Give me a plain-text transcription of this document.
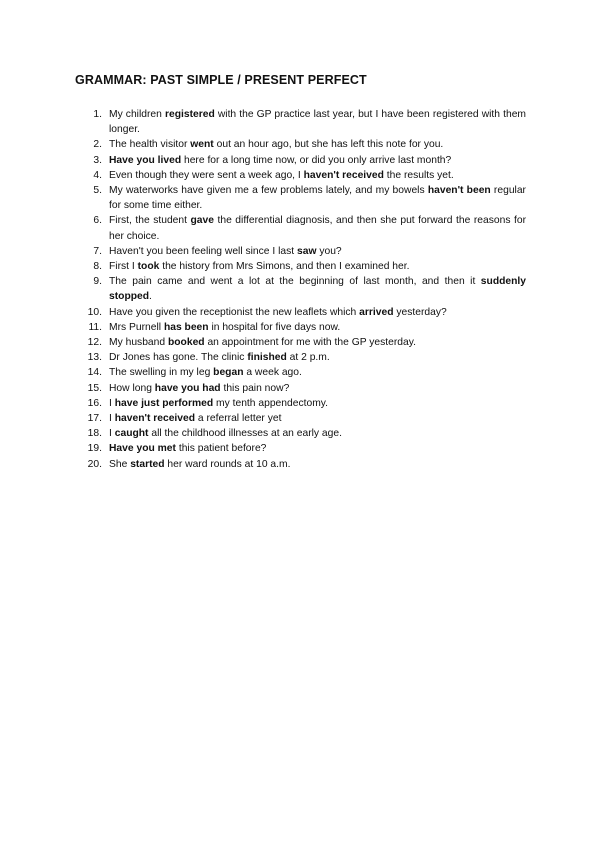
GRAMMAR: PAST SIMPLE / PRESENT PERFECT
1. My children registered with the GP practice last year, but I have been registered with them longer.
2. The health visitor went out an hour ago, but she has left this note for you.
3. Have you lived here for a long time now, or did you only arrive last month?
4. Even though they were sent a week ago, I haven't received the results yet.
5. My waterworks have given me a few problems lately, and my bowels haven't been regular for some time either.
6. First, the student gave the differential diagnosis, and then she put forward the reasons for her choice.
7. Haven't you been feeling well since I last saw you?
8. First I took the history from Mrs Simons, and then I examined her.
9. The pain came and went a lot at the beginning of last month, and then it suddenly stopped.
10. Have you given the receptionist the new leaflets which arrived yesterday?
11. Mrs Purnell has been in hospital for five days now.
12. My husband booked an appointment for me with the GP yesterday.
13. Dr Jones has gone. The clinic finished at 2 p.m.
14. The swelling in my leg began a week ago.
15. How long have you had this pain now?
16. I have just performed my tenth appendectomy.
17. I haven't received a referral letter yet
18. I caught all the childhood illnesses at an early age.
19. Have you met this patient before?
20. She started her ward rounds at 10 a.m.
